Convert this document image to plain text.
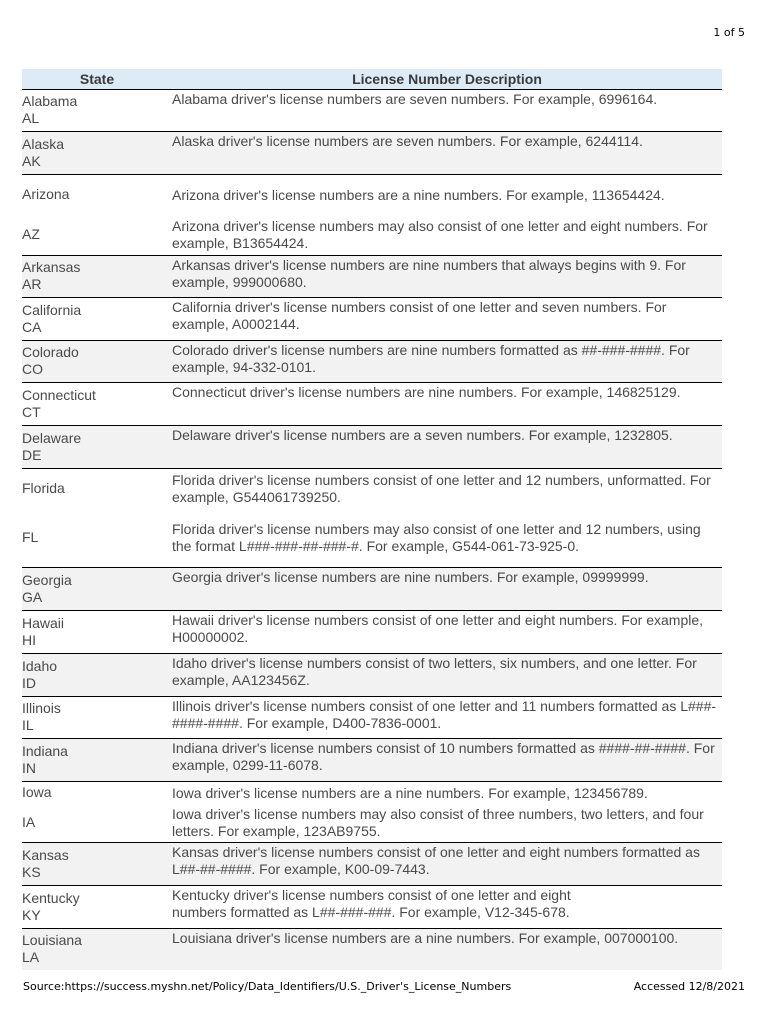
1 of 5
State	License Number Description

Alabama
AL	Alabama driver's license numbers are seven numbers. For example, 6996164.

Alaska
AK	Alaska driver's license numbers are seven numbers. For example, 6244114.

Arizona	Arizona driver's license numbers are a nine numbers. For example, 113654424.

AZ	Arizona driver's license numbers may also consist of one letter and eight numbers. For example, B13654424.

Arkansas
AR	Arkansas driver's license numbers are nine numbers that always begins with 9. For example, 999000680.

California
CA	California driver's license numbers consist of one letter and seven numbers. For example, A0002144.

Colorado
CO	Colorado driver's license numbers are nine numbers formatted as ##-###-####. For example, 94-332-0101.

Connecticut
CT	Connecticut driver's license numbers are nine numbers. For example, 146825129.

Delaware
DE	Delaware driver's license numbers are a seven numbers. For example, 1232805.

Florida	Florida driver's license numbers consist of one letter and 12 numbers, unformatted. For example, G544061739250.

FL	Florida driver's license numbers may also consist of one letter and 12 numbers, using the format L###-###-##-###-#. For example, G544-061-73-925-0.

Georgia
GA	Georgia driver's license numbers are nine numbers. For example, 09999999.

Hawaii
HI	Hawaii driver's license numbers consist of one letter and eight numbers. For example, H00000002.

Idaho
ID	Idaho driver's license numbers consist of two letters, six numbers, and one letter. For example, AA123456Z.

Illinois
IL	Illinois driver's license numbers consist of one letter and 11 numbers formatted as L###-####-####. For example, D400-7836-0001.

Indiana
IN	Indiana driver's license numbers consist of 10 numbers formatted as ####-##-####. For example, 0299-11-6078.

Iowa	Iowa driver's license numbers are a nine numbers. For example, 123456789.

IA	Iowa driver's license numbers may also consist of three numbers, two letters, and four letters. For example, 123AB9755.

Kansas
KS	Kansas driver's license numbers consist of one letter and eight numbers formatted as L##-##-####. For example, K00-09-7443.

Kentucky
KY	Kentucky driver's license numbers consist of one letter and eight
numbers formatted as L##-###-###. For example, V12-345-678.

Louisiana
LA	Louisiana driver's license numbers are a nine numbers. For example, 007000100.
Source:https://success.myshn.net/Policy/Data_Identifiers/U.S._Driver's_License_Numbers	Accessed 12/8/2021
